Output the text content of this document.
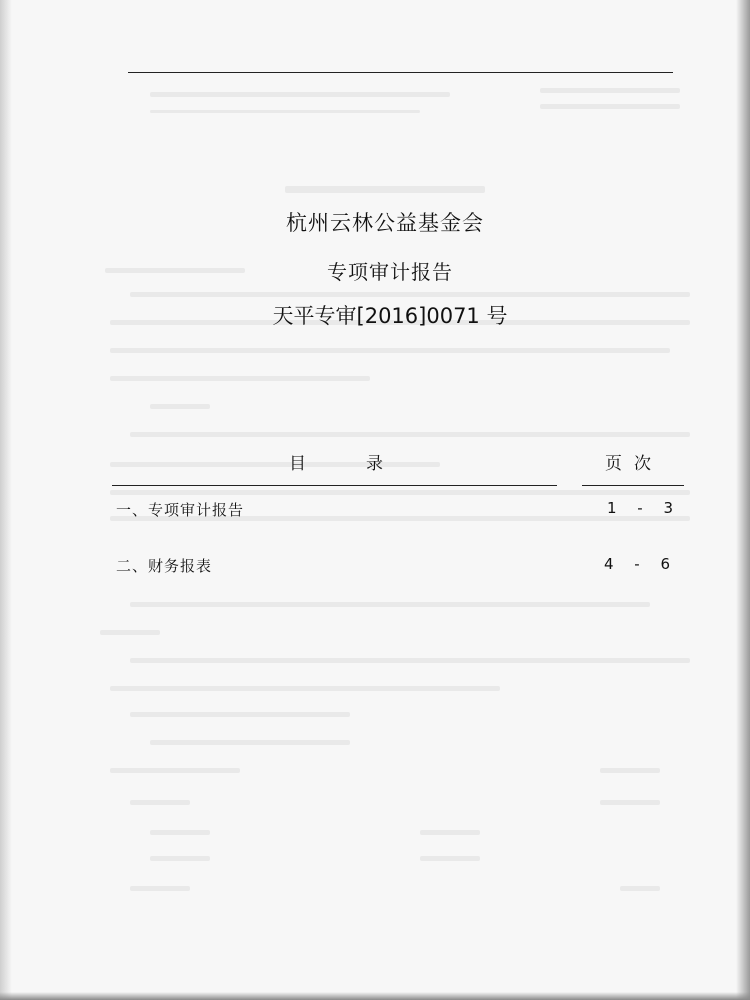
杭州云林公益基金会
专项审计报告
天平专审[2016]0071 号
目录	页次
一、专项审计报告	1 - 3
二、财务报表	4 - 6
